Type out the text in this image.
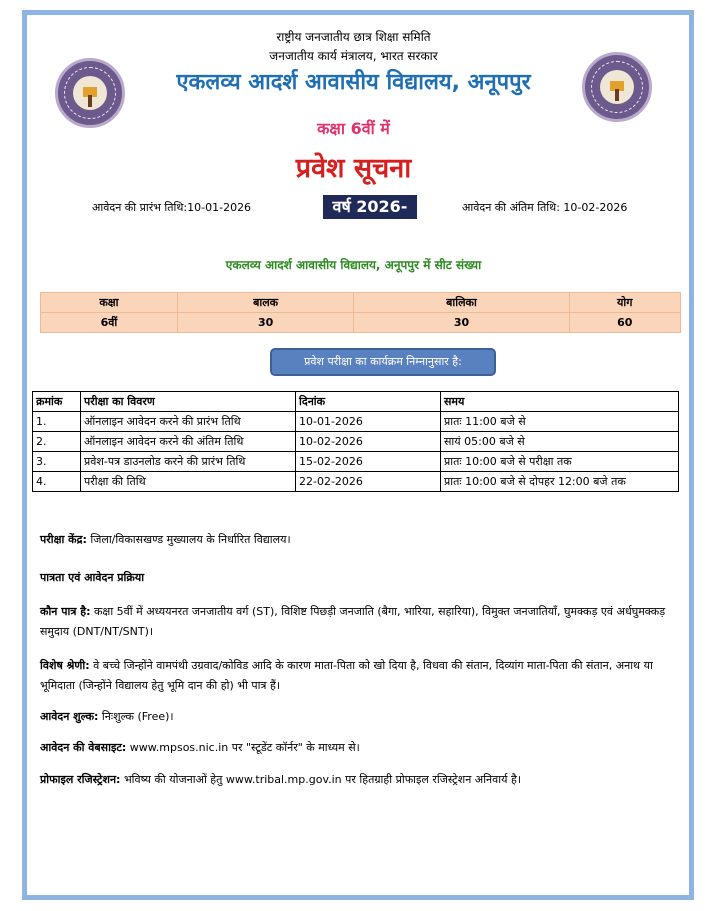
राष्ट्रीय जनजातीय छात्र शिक्षा समिति
जनजातीय कार्य मंत्रालय, भारत सरकार
एकलव्य आदर्श आवासीय विद्यालय, अनूपपुर
कक्षा 6वीं में
प्रवेश सूचना
आवेदन की प्रारंभ तिथि:10-01-2026	वर्ष 2026-27
आवेदन की अंतिम तिथि: 10-02-2026
एकलव्य आदर्श आवासीय विद्यालय, अनूपपुर में सीट संख्या
कक्षा	बालक	बालिका	योग
6वीं	30	30	60
प्रवेश परीक्षा का कार्यक्रम निम्नानुसार है:
क्रमांक	परीक्षा का विवरण	दिनांक	समय
1.	ऑनलाइन आवेदन करने की प्रारंभ तिथि	10-01-2026	प्रातः 11:00 बजे से
2.	ऑनलाइन आवेदन करने की अंतिम तिथि	10-02-2026	सायं 05:00 बजे से
3.	प्रवेश-पत्र डाउनलोड करने की प्रारंभ तिथि	15-02-2026	प्रातः 10:00 बजे से परीक्षा तक
4.	परीक्षा की तिथि	22-02-2026	प्रातः 10:00 बजे से दोपहर 12:00 बजे तक
परीक्षा केंद्र: जिला/विकासखण्ड मुख्यालय के निर्धारित विद्यालय।
पात्रता एवं आवेदन प्रक्रिया
कौन पात्र है: कक्षा 5वीं में अध्ययनरत जनजातीय वर्ग (ST), विशिष्ट पिछड़ी जनजाति (बैगा, भारिया, सहारिया), विमुक्त जनजातियाँ, घुमक्कड़ एवं अर्धघुमक्कड़ समुदाय (DNT/NT/SNT)।
विशेष श्रेणी: वे बच्चे जिन्होंने वामपंथी उग्रवाद/कोविड आदि के कारण माता-पिता को खो दिया है, विधवा की संतान, दिव्यांग माता-पिता की संतान, अनाथ या भूमिदाता (जिन्होंने विद्यालय हेतु भूमि दान की हो) भी पात्र हैं।
आवेदन शुल्क: निःशुल्क (Free)।
आवेदन की वेबसाइट: www.mpsos.nic.in पर "स्टूडेंट कॉर्नर" के माध्यम से।
प्रोफाइल रजिस्ट्रेशन: भविष्य की योजनाओं हेतु www.tribal.mp.gov.in पर हितग्राही प्रोफाइल रजिस्ट्रेशन अनिवार्य है।
